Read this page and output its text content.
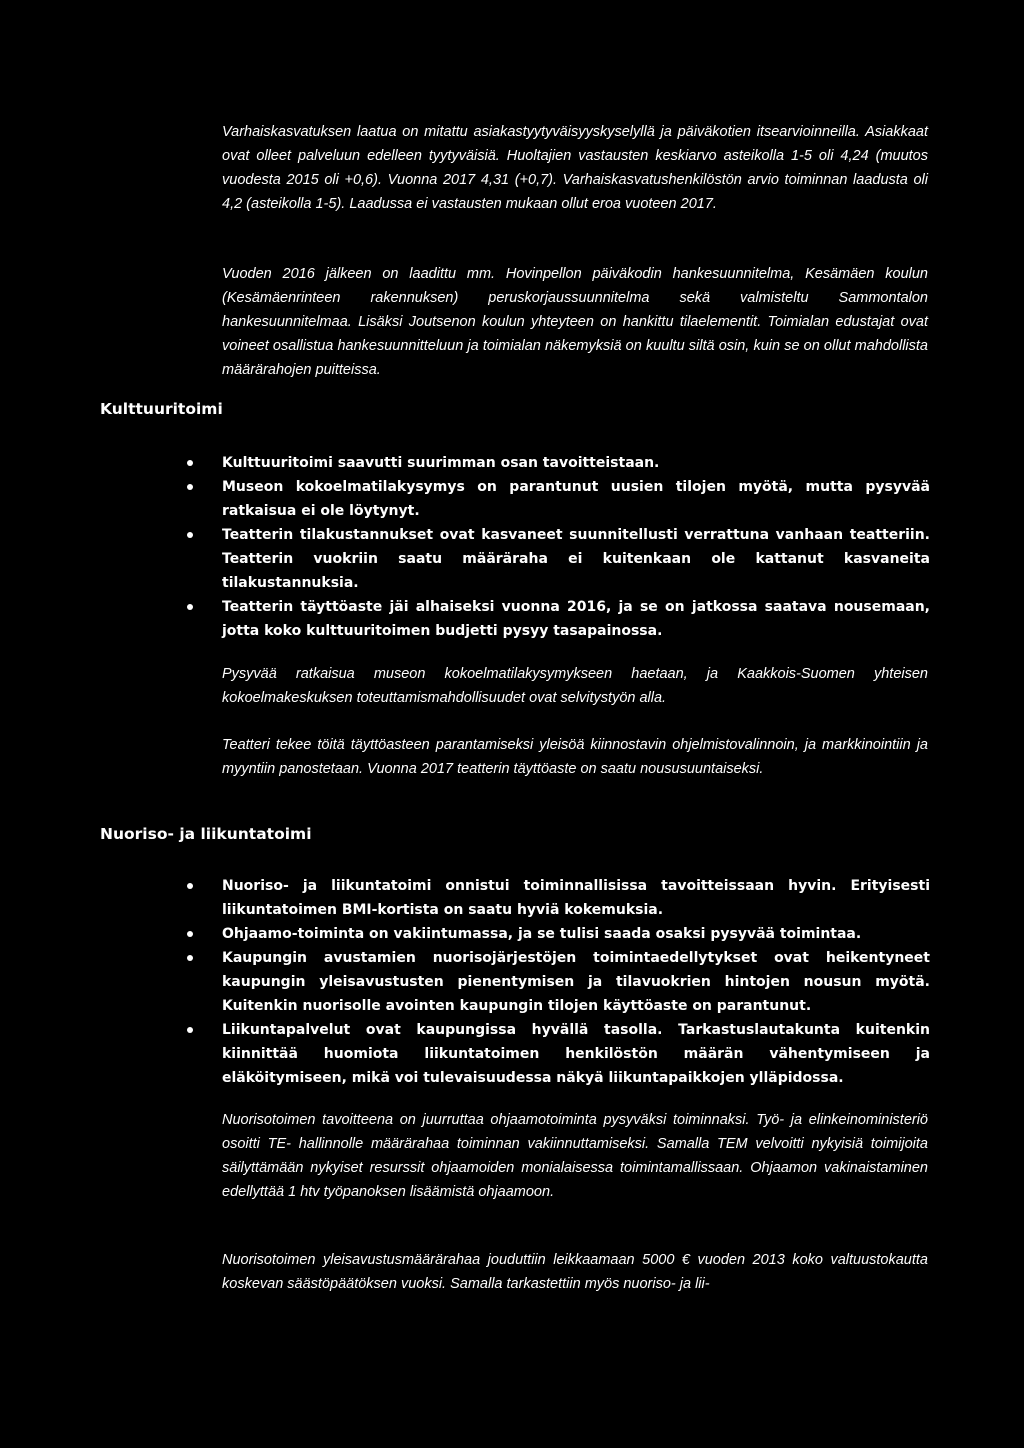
Varhaiskasvatuksen laatua on mitattu asiakastyytyväisyyskyselyllä ja päiväkotien itsearvioinneilla. Asiakkaat ovat olleet palveluun edelleen tyytyväisiä. Huoltajien vastausten keskiarvo asteikolla 1-5 oli 4,24 (muutos vuodesta 2015 oli +0,6). Vuonna 2017 4,31 (+0,7). Varhaiskasvatushenkilöstön arvio toiminnan laadusta oli 4,2 (asteikolla 1-5). Laadussa ei vastausten mukaan ollut eroa vuoteen 2017.

Vuoden 2016 jälkeen on laadittu mm. Hovinpellon päiväkodin hankesuunnitelma, Kesämäen koulun (Kesämäenrinteen rakennuksen) peruskorjaussuunnitelma sekä valmisteltu Sammontalon hankesuunnitelmaa. Lisäksi Joutsenon koulun yhteyteen on hankittu tilaelementit. Toimialan edustajat ovat voineet osallistua hankesuunnitteluun ja toimialan näkemyksiä on kuultu siltä osin, kuin se on ollut mahdollista määrärahojen puitteissa.

Kulttuuritoimi
Kulttuuritoimi saavutti suurimman osan tavoitteistaan.
Museon kokoelmatilakysymys on parantunut uusien tilojen myötä, mutta pysyvää ratkaisua ei ole löytynyt.
Teatterin tilakustannukset ovat kasvaneet suunnitellusti verrattuna vanhaan teatteriin. Teatterin vuokriin saatu määräraha ei kuitenkaan ole kattanut kasvaneita tilakustannuksia.
Teatterin täyttöaste jäi alhaiseksi vuonna 2016, ja se on jatkossa saatava nousemaan, jotta koko kulttuuritoimen budjetti pysyy tasapainossa.

Pysyvää ratkaisua museon kokoelmatilakysymykseen haetaan, ja Kaakkois-Suomen yhteisen kokoelmakeskuksen toteuttamismahdollisuudet ovat selvitystyön alla.

Teatteri tekee töitä täyttöasteen parantamiseksi yleisöä kiinnostavin ohjelmistovalinnoin, ja markkinointiin ja myyntiin panostetaan. Vuonna 2017 teatterin täyttöaste on saatu noususuuntaiseksi.

Nuoriso- ja liikuntatoimi
Nuoriso- ja liikuntatoimi onnistui toiminnallisissa tavoitteissaan hyvin. Erityisesti liikuntatoimen BMI-kortista on saatu hyviä kokemuksia.
Ohjaamo-toiminta on vakiintumassa, ja se tulisi saada osaksi pysyvää toimintaa.
Kaupungin avustamien nuorisojärjestöjen toimintaedellytykset ovat heikentyneet kaupungin yleisavustusten pienentymisen ja tilavuokrien hintojen nousun myötä. Kuitenkin nuorisolle avointen kaupungin tilojen käyttöaste on parantunut.
Liikuntapalvelut ovat kaupungissa hyvällä tasolla. Tarkastuslautakunta kuitenkin kiinnittää huomiota liikuntatoimen henkilöstön määrän vähentymiseen ja eläköitymiseen, mikä voi tulevaisuudessa näkyä liikuntapaikkojen ylläpidossa.

Nuorisotoimen tavoitteena on juurruttaa ohjaamotoiminta pysyväksi toiminnaksi. Työ- ja elinkeinoministeriö osoitti TE- hallinnolle määrärahaa toiminnan vakiinnuttamiseksi. Samalla TEM velvoitti nykyisiä toimijoita säilyttämään nykyiset resurssit ohjaamoiden monialaisessa toimintamallissaan. Ohjaamon vakinaistaminen edellyttää 1 htv työpanoksen lisäämistä ohjaamoon.

Nuorisotoimen yleisavustusmäärärahaa jouduttiin leikkaamaan 5000 € vuoden 2013 koko valtuustokautta koskevan säästöpäätöksen vuoksi. Samalla tarkastettiin myös nuoriso- ja lii-
